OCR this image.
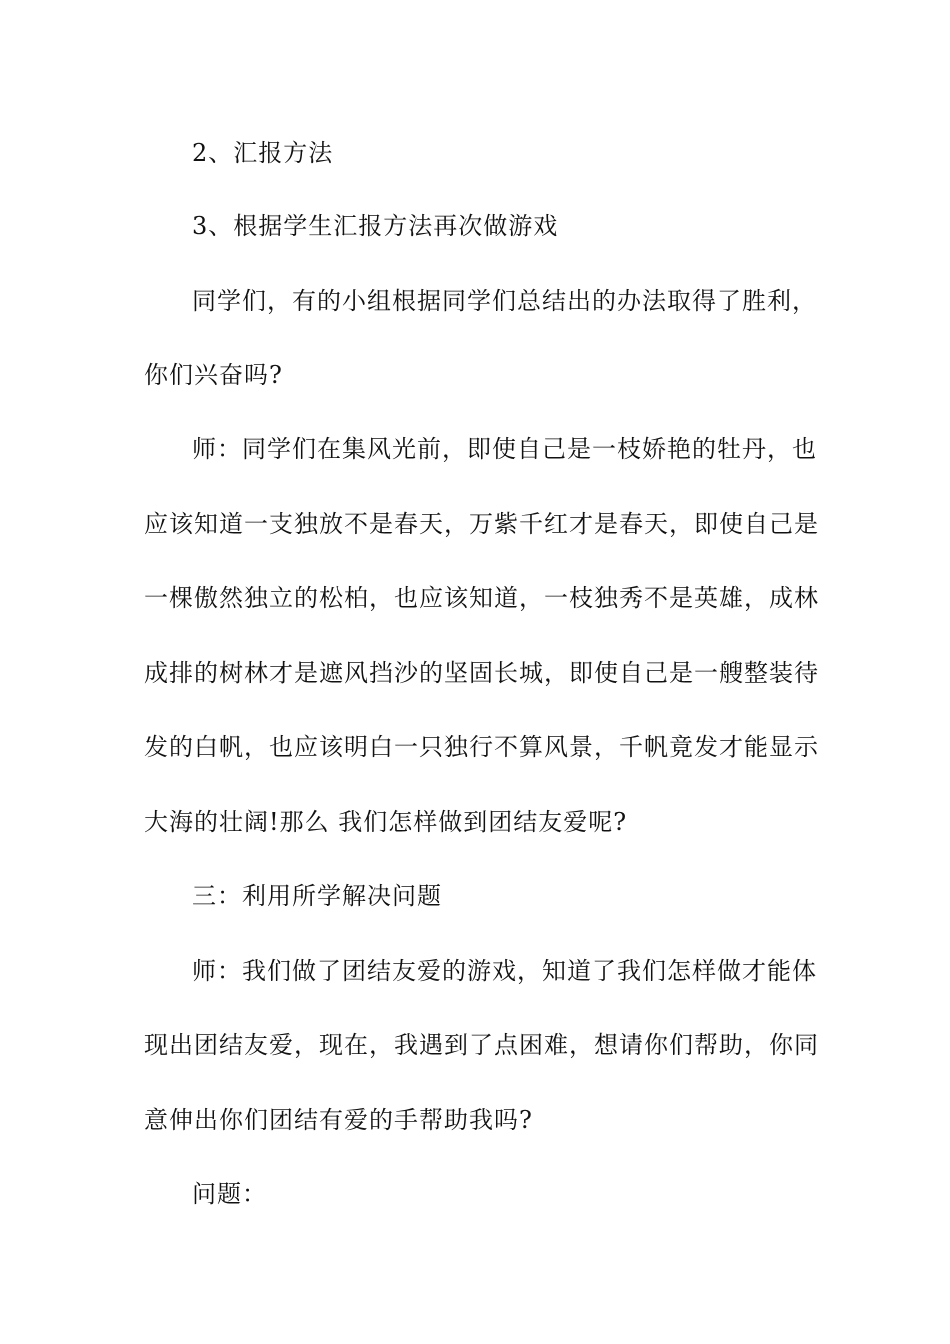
2、汇报方法
3、根据学生汇报方法再次做游戏
同学们，有的小组根据同学们总结出的办法取得了胜利，
你们兴奋吗?
师：同学们在集风光前，即使自己是一枝娇艳的牡丹，也
应该知道一支独放不是春天，万紫千红才是春天，即使自己是
一棵傲然独立的松柏，也应该知道，一枝独秀不是英雄，成林
成排的树林才是遮风挡沙的坚固长城，即使自己是一艘整装待
发的白帆，也应该明白一只独行不算风景，千帆竟发才能显示
大海的壮阔!那么 我们怎样做到团结友爱呢?
三：利用所学解决问题
师：我们做了团结友爱的游戏，知道了我们怎样做才能体
现出团结友爱，现在，我遇到了点困难，想请你们帮助，你同
意伸出你们团结有爱的手帮助我吗?
问题：
